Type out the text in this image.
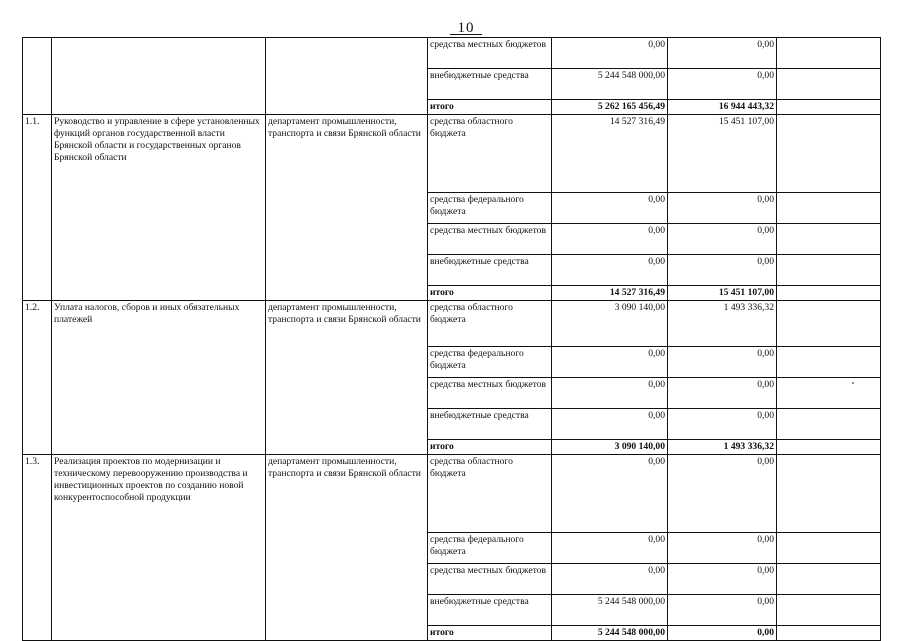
10
			средства местных бюджетов	0,00	0,00	
			внебюджетные средства	5 244 548 000,00	0,00	
			итого	5 262 165 456,49	16 944 443,32	
1.1.	Руководство и управление в сфере установленных функций органов государственной власти Брянской области и государственных органов Брянской области	департамент промышленности, транспорта и связи Брянской области	средства областного бюджета	14 527 316,49	15 451 107,00	
			средства федерального бюджета	0,00	0,00	
			средства местных бюджетов	0,00	0,00	
			внебюджетные средства	0,00	0,00	
			итого	14 527 316,49	15 451 107,00	
1.2.	Уплата налогов, сборов и иных обязательных платежей	департамент промышленности, транспорта и связи Брянской области	средства областного бюджета	3 090 140,00	1 493 336,32	
			средства федерального бюджета	0,00	0,00	
			средства местных бюджетов	0,00	0,00	
			внебюджетные средства	0,00	0,00	
			итого	3 090 140,00	1 493 336,32	
1.3.	Реализация проектов по модернизации и техническому перевооружению производства и инвестиционных проектов по созданию новой конкурентоспособной продукции	департамент промышленности, транспорта и связи Брянской области	средства областного бюджета	0,00	0,00	
			средства федерального бюджета	0,00	0,00	
			средства местных бюджетов	0,00	0,00	
			внебюджетные средства	5 244 548 000,00	0,00	
			итого	5 244 548 000,00	0,00	
